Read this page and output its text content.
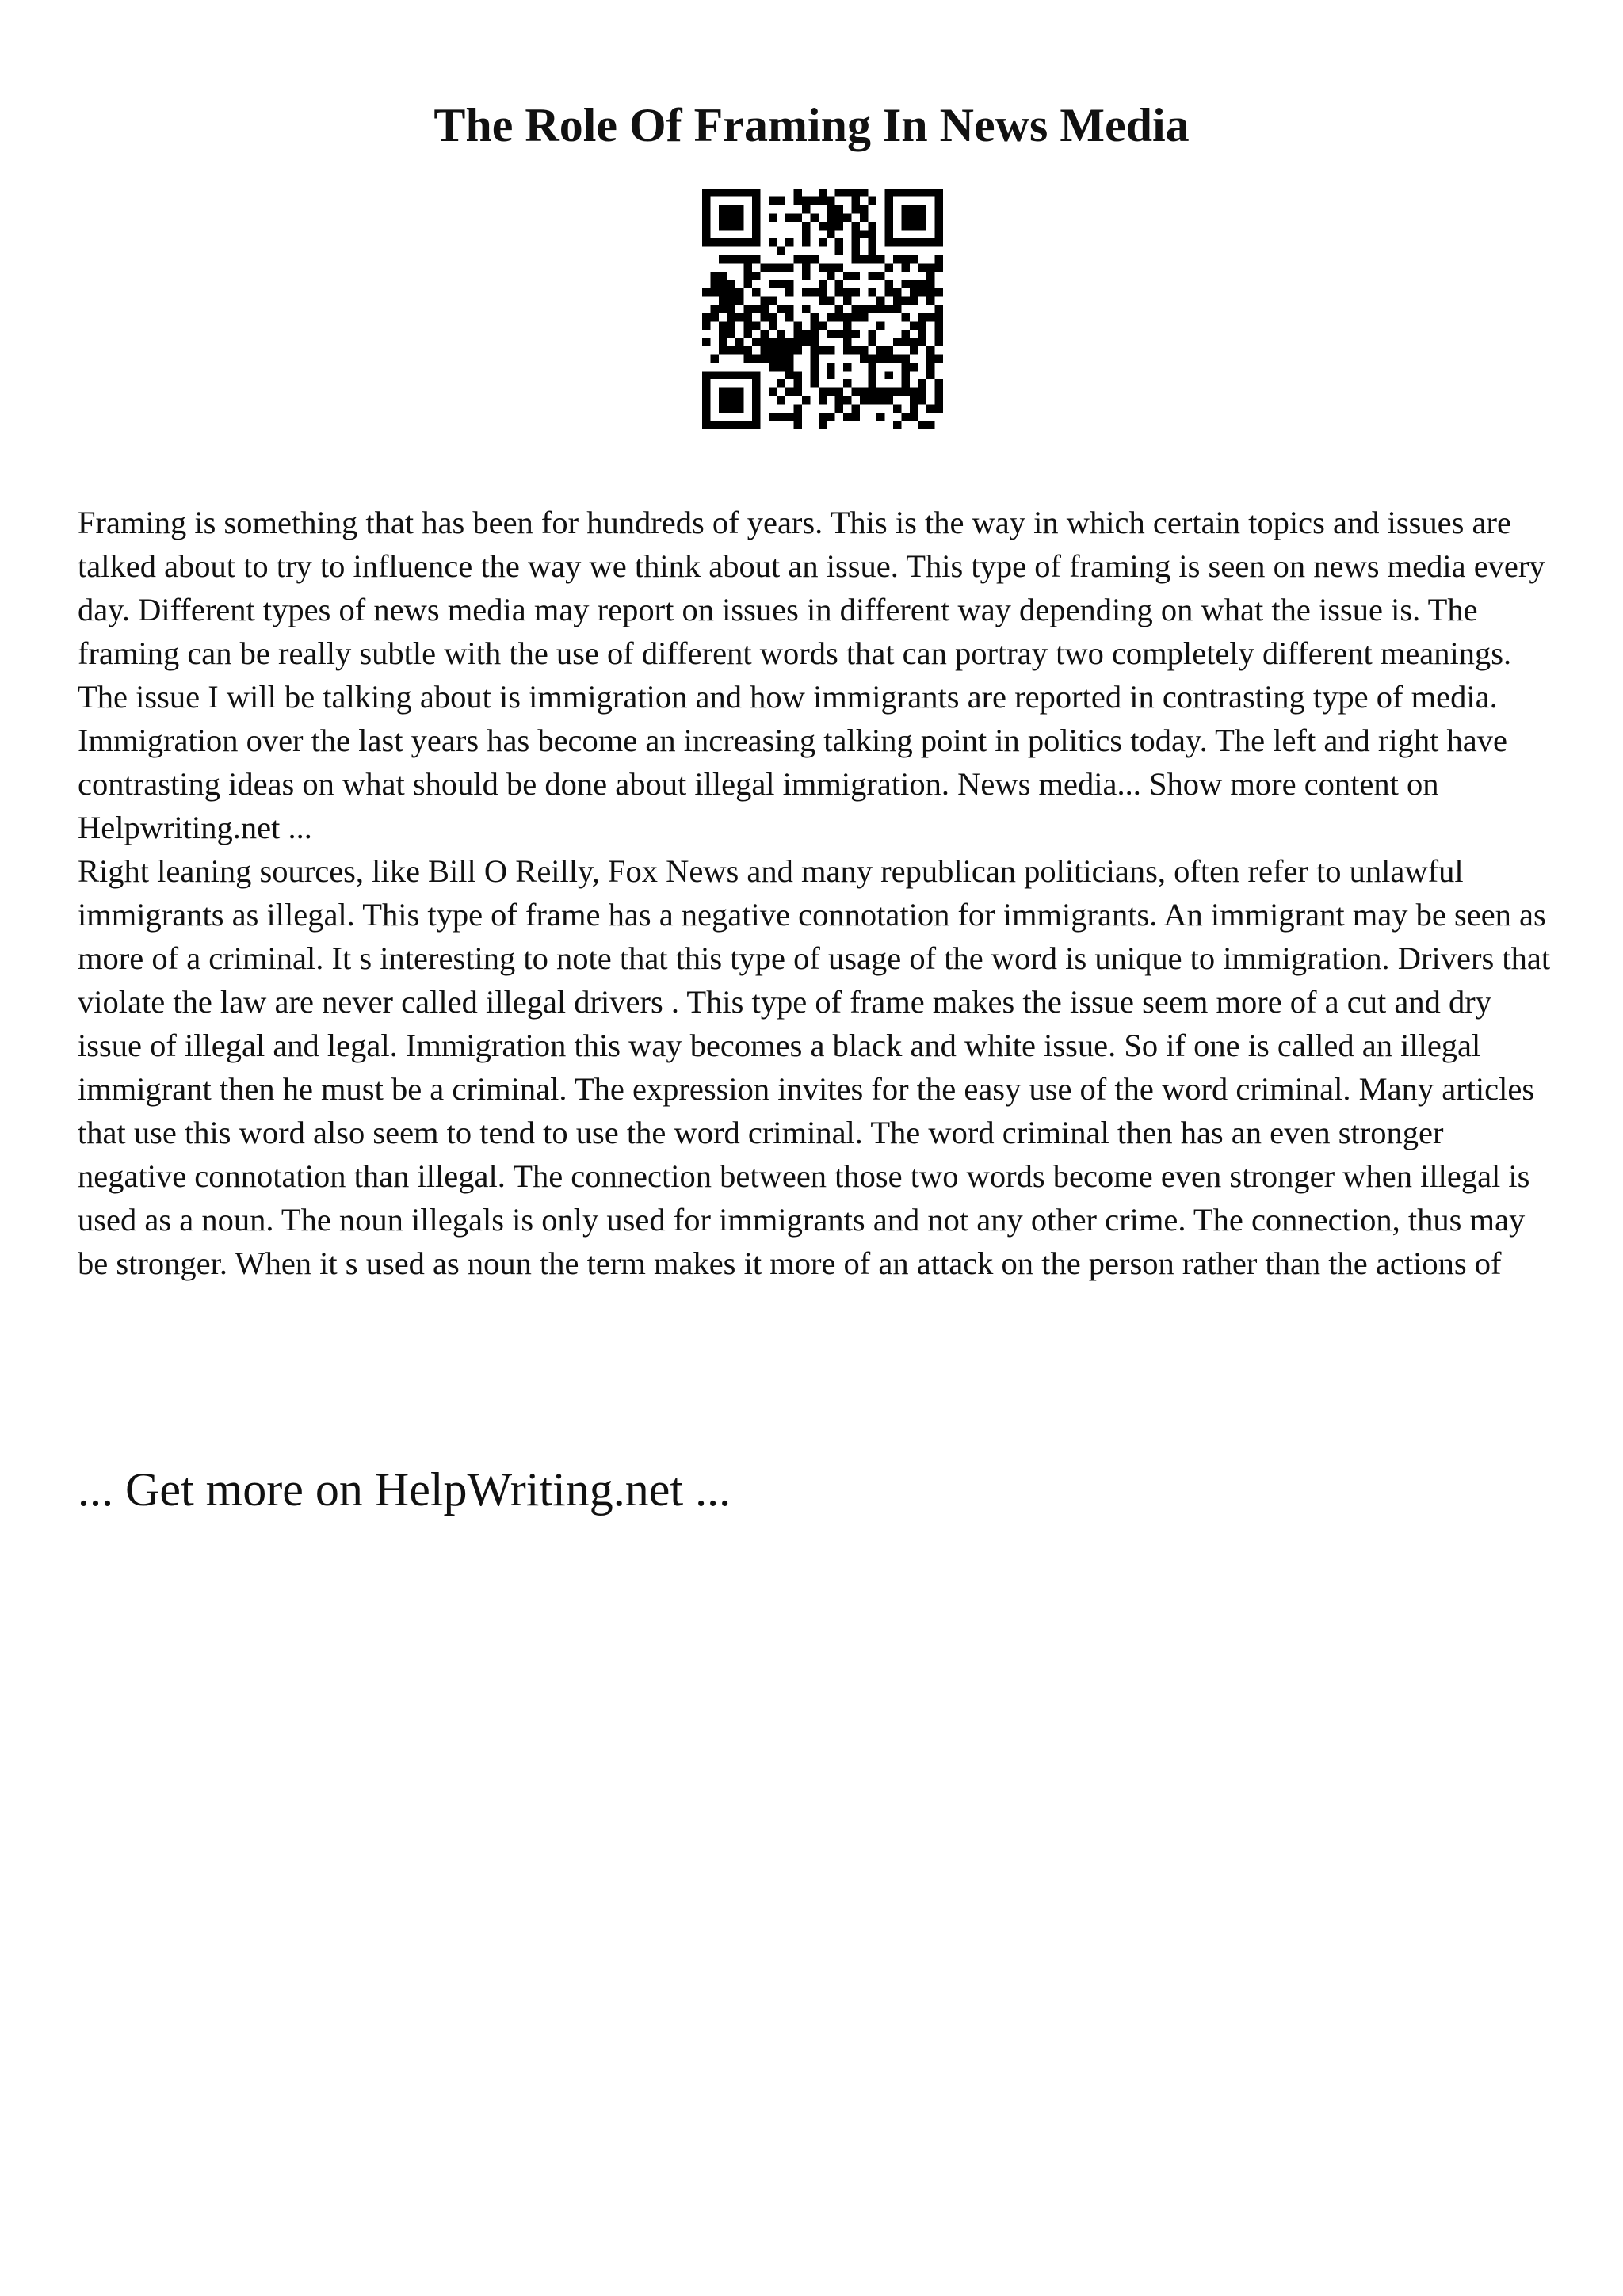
The Role Of Framing In News Media

Framing is something that has been for hundreds of years. This is the way in which certain topics and issues are talked about to try to influence the way we think about an issue. This type of framing is seen on news media every day. Different types of news media may report on issues in different way depending on what the issue is. The framing can be really subtle with the use of different words that can portray two completely different meanings. The issue I will be talking about is immigration and how immigrants are reported in contrasting type of media. Immigration over the last years has become an increasing talking point in politics today. The left and right have contrasting ideas on what should be done about illegal immigration. News media... Show more content on Helpwriting.net ...

Right leaning sources, like Bill O Reilly, Fox News and many republican politicians, often refer to unlawful immigrants as illegal. This type of frame has a negative connotation for immigrants. An immigrant may be seen as more of a criminal. It s interesting to note that this type of usage of the word is unique to immigration. Drivers that violate the law are never called illegal drivers . This type of frame makes the issue seem more of a cut and dry issue of illegal and legal. Immigration this way becomes a black and white issue. So if one is called an illegal immigrant then he must be a criminal. The expression invites for the easy use of the word criminal. Many articles that use this word also seem to tend to use the word criminal. The word criminal then has an even stronger negative connotation than illegal. The connection between those two words become even stronger when illegal is used as a noun. The noun illegals is only used for immigrants and not any other crime. The connection, thus may be stronger. When it s used as noun the term makes it more of an attack on the person rather than the actions of

... Get more on HelpWriting.net ...
